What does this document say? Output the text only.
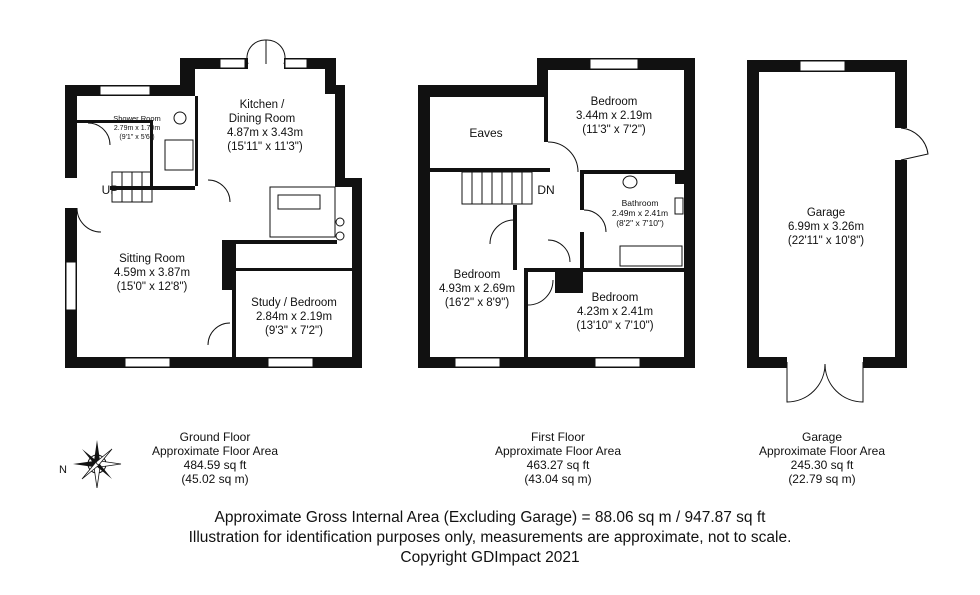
Kitchen /
Dining Room
4.87m x 3.43m
(15'11" x 11'3")
Shower Room
2.79m x 1.70m
(9'1" x 5'6")
UP
Sitting Room
4.59m x 3.87m
(15'0" x 12'8")
Study / Bedroom
2.84m x 2.19m
(9'3" x 7'2")
Eaves
Bedroom
3.44m x 2.19m
(11'3" x 7'2")
DN
Bathroom
2.49m x 2.41m
(8'2" x 7'10")
Bedroom
4.93m x 2.69m
(16'2" x 8'9")	Bedroom
4.23m x 2.41m
(13'10" x 7'10")
Garage
6.99m x 3.26m
(22'11" x 10'8")
N
Ground Floor
Approximate Floor Area
484.59 sq ft
(45.02 sq m)
First Floor
Approximate Floor Area
463.27 sq ft
(43.04 sq m)
Garage
Approximate Floor Area
245.30 sq ft
(22.79 sq m)
Approximate Gross Internal Area (Excluding Garage) = 88.06 sq m / 947.87 sq ft
Illustration for identification purposes only, measurements are approximate, not to scale.
Copyright GDImpact 2021
